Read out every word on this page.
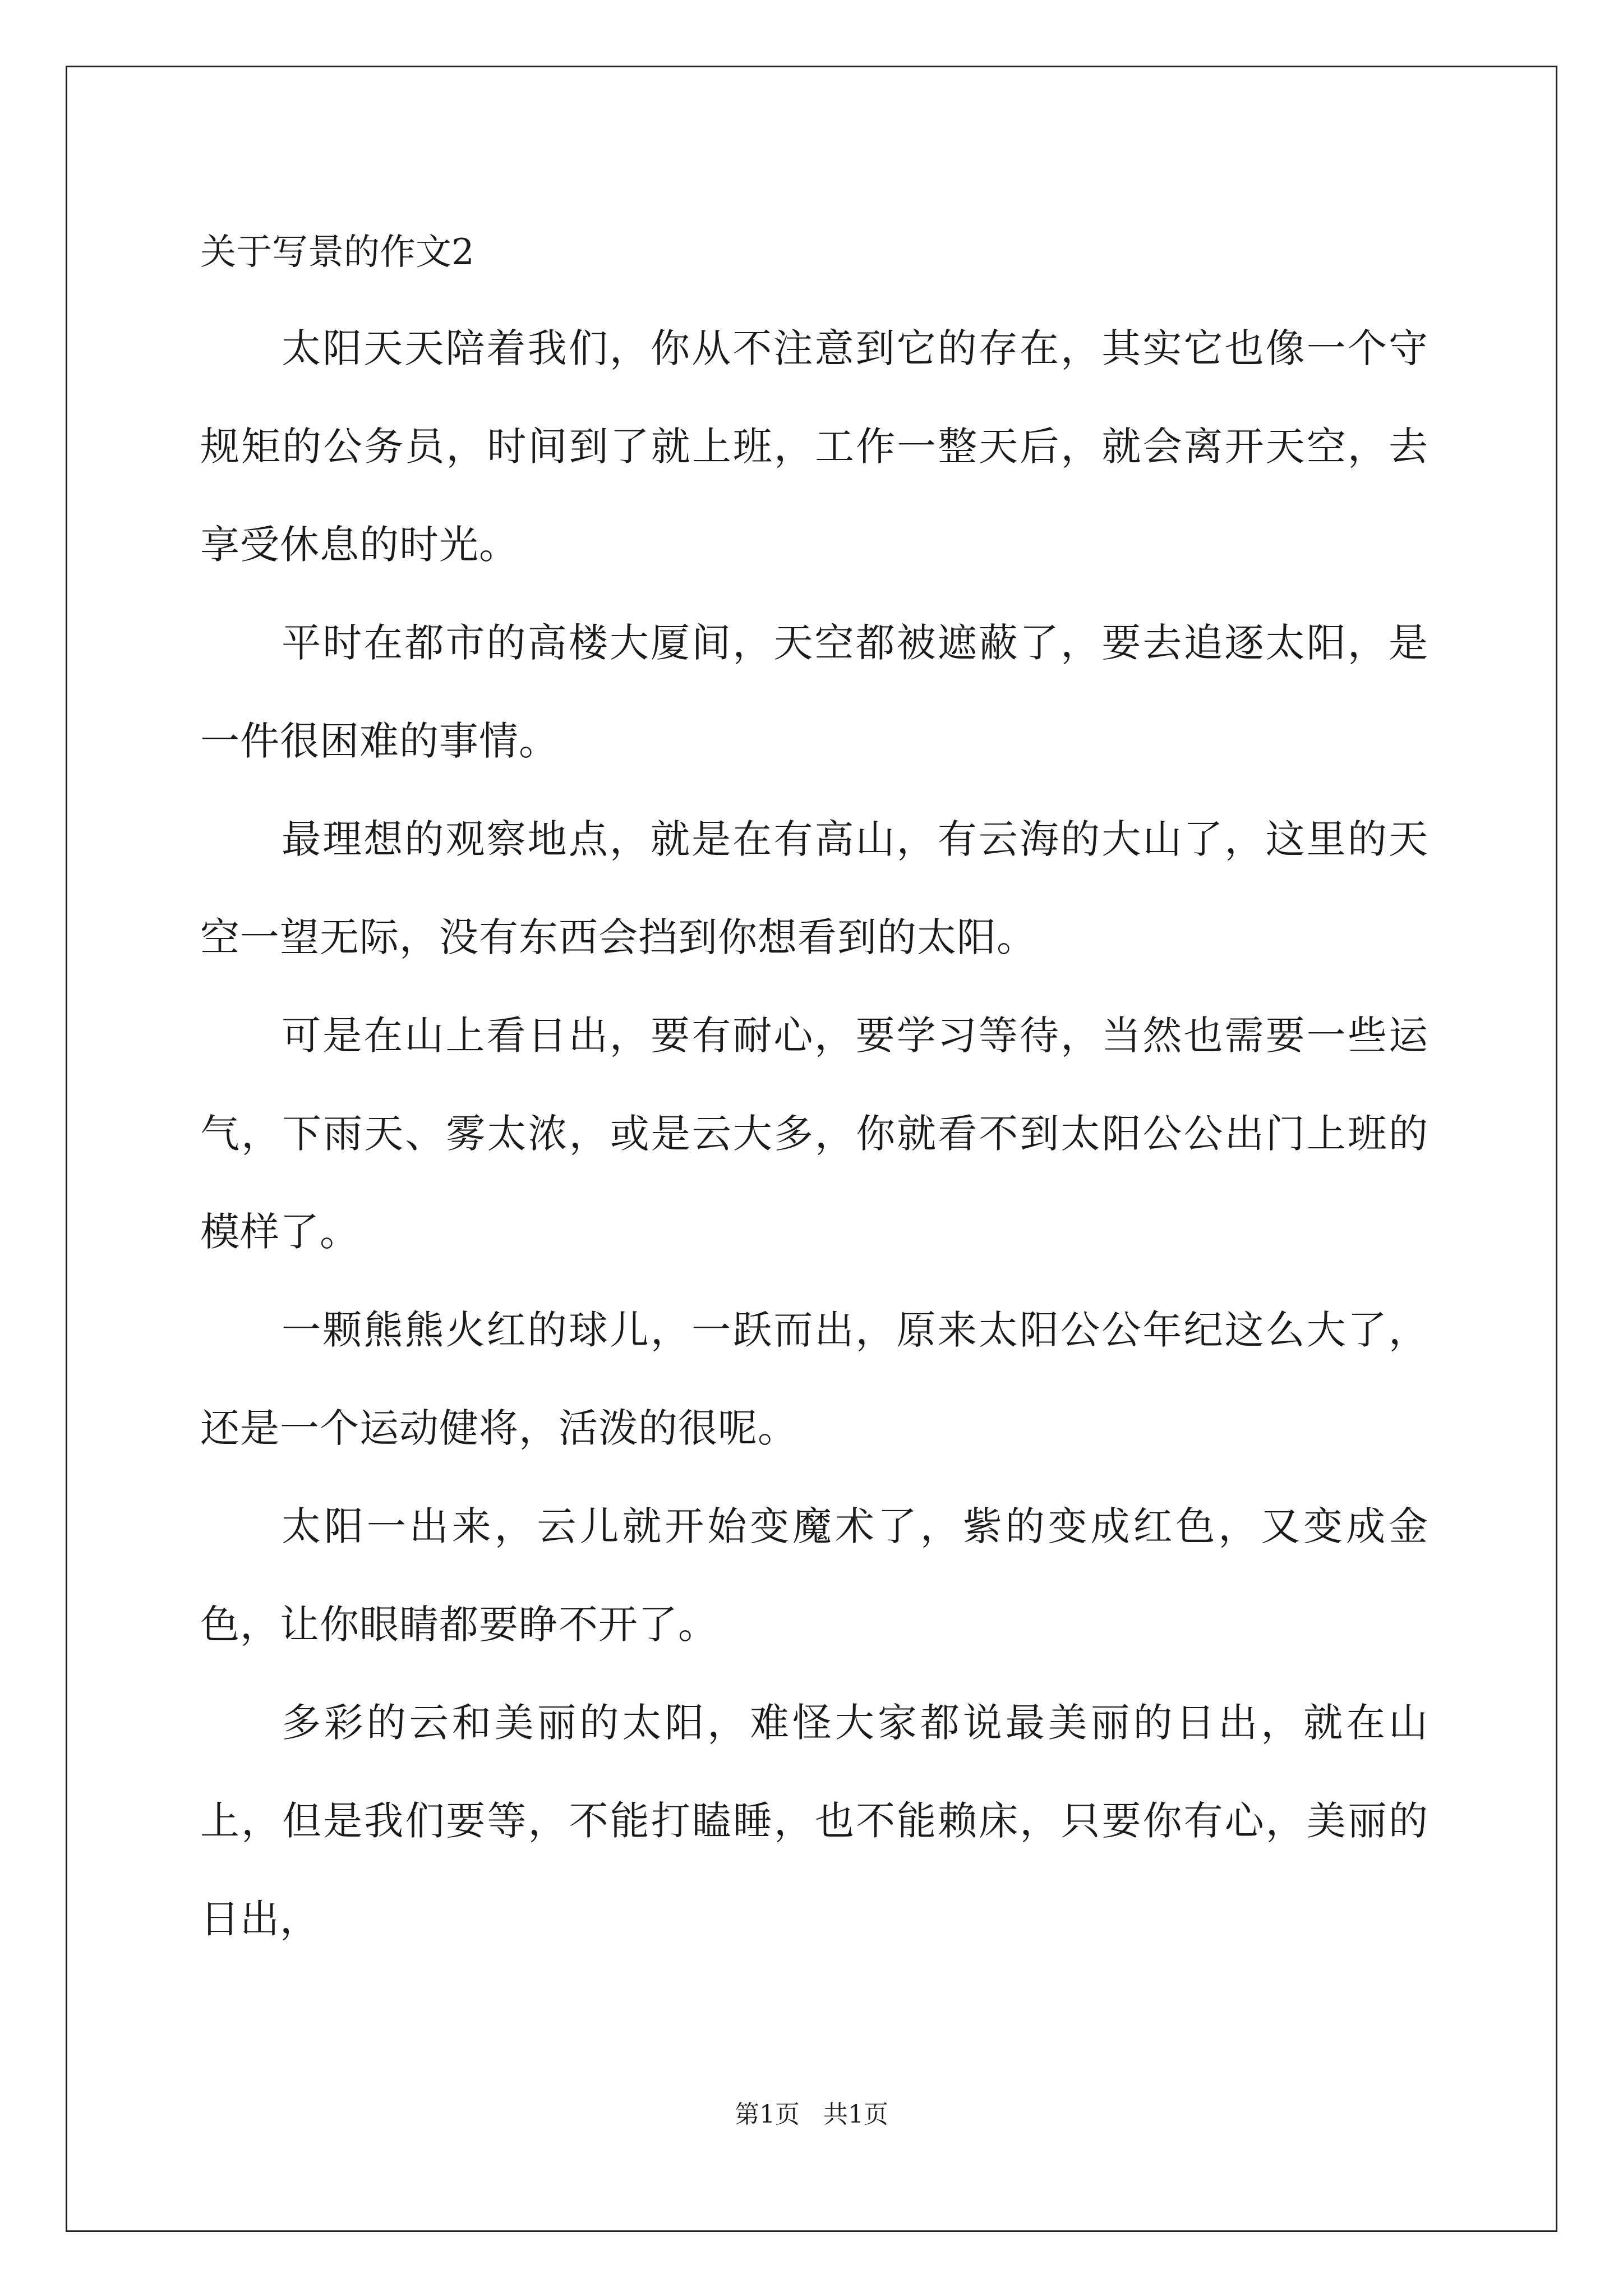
关于写景的作文2

太阳天天陪着我们，你从不注意到它的存在，其实它也像一个守规矩的公务员，时间到了就上班，工作一整天后，就会离开天空，去享受休息的时光。

平时在都市的高楼大厦间，天空都被遮蔽了，要去追逐太阳，是一件很困难的事情。

最理想的观察地点，就是在有高山，有云海的大山了，这里的天空一望无际，没有东西会挡到你想看到的太阳。

可是在山上看日出，要有耐心，要学习等待，当然也需要一些运气，下雨天、雾太浓，或是云大多，你就看不到太阳公公出门上班的模样了。

一颗熊熊火红的球儿，一跃而出，原来太阳公公年纪这么大了，还是一个运动健将，活泼的很呢。

太阳一出来，云儿就开始变魔术了，紫的变成红色，又变成金色，让你眼睛都要睁不开了。

多彩的云和美丽的太阳，难怪大家都说最美丽的日出，就在山上，但是我们要等，不能打瞌睡，也不能赖床，只要你有心，美丽的日出，

第1页   共1页
